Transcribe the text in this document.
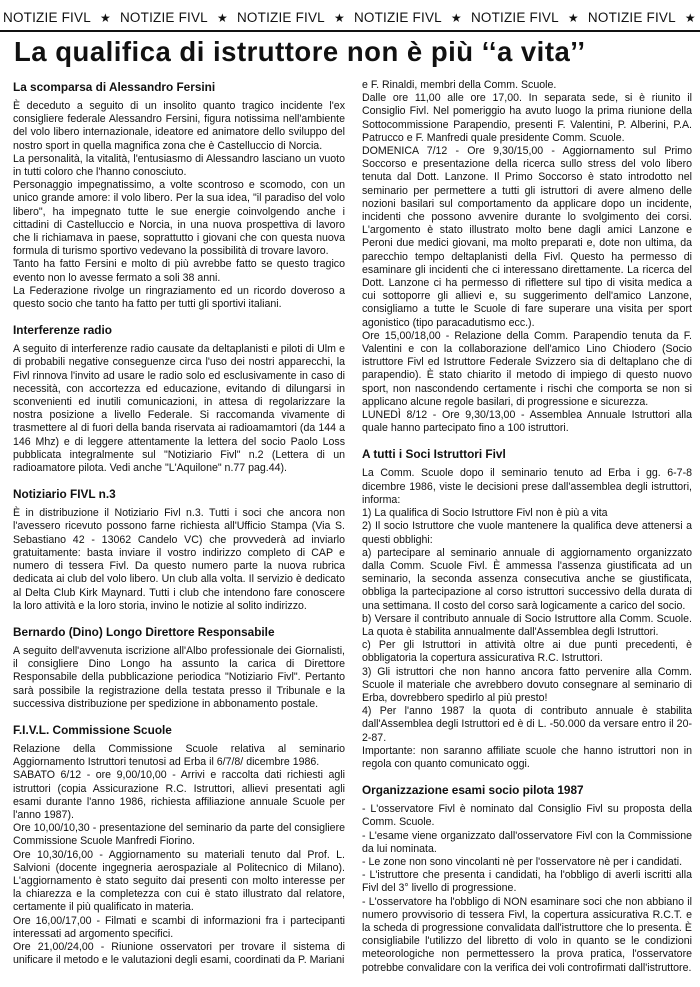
NOTIZIE FIVL ★ NOTIZIE FIVL ★ NOTIZIE FIVL ★ NOTIZIE FIVL ★ NOTIZIE FIVL ★ NOTIZIE FIVL ★
La qualifica di istruttore non è più ‘‘a vita’’
La scomparsa di Alessandro Fersini

È deceduto a seguito di un insolito quanto tragico incidente l'ex consigliere federale Alessandro Fersini, figura notissima nell'ambiente del volo libero internazionale, ideatore ed animatore dello sviluppo del nostro sport in quella magnifica zona che è Castelluccio di Norcia.

La personalità, la vitalità, l'entusiasmo di Alessandro lasciano un vuoto in tutti coloro che l'hanno conosciuto.

Personaggio impegnatissimo, a volte scontroso e scomodo, con un unico grande amore: il volo libero. Per la sua idea, "il paradiso del volo libero", ha impegnato tutte le sue energie coinvolgendo anche i cittadini di Castelluccio e Norcia, in una nuova prospettiva di lavoro che li richiamava in paese, soprattutto i giovani che con questa nuova formula di turismo sportivo vedevano la possibilità di trovare lavoro.

Tanto ha fatto Fersini e molto di più avrebbe fatto se questo tragico evento non lo avesse fermato a soli 38 anni.

La Federazione rivolge un ringraziamento ed un ricordo doveroso a questo socio che tanto ha fatto per tutti gli sportivi italiani.

Interferenze radio

A seguito di interferenze radio causate da deltaplanisti e piloti di Ulm e di probabili negative conseguenze circa l'uso dei nostri apparecchi, la Fivl rinnova l'invito ad usare le radio solo ed esclusivamente in caso di necessità, con accortezza ed educazione, evitando di dilungarsi in sconvenienti ed inutili comunicazioni, in attesa di regolarizzare la nostra posizione a livello Federale. Si raccomanda vivamente di trasmettere al di fuori della banda riservata ai radioamamtori (da 144 a 146 Mhz) e di leggere attentamente la lettera del socio Paolo Loss pubblicata integralmente sul "Notiziario Fivl" n.2 (Lettera di un radioamatore pilota. Vedi anche "L'Aquilone" n.77 pag.44).

Notiziario FIVL n.3

È in distribuzione il Notiziario Fivl n.3. Tutti i soci che ancora non l'avessero ricevuto possono farne richiesta all'Ufficio Stampa (Via S. Sebastiano 42 - 13062 Candelo VC) che provvederà ad inviarlo gratuitamente: basta inviare il vostro indirizzo completo di CAP e numero di tessera Fivl. Da questo numero parte la nuova rubrica dedicata ai club del volo libero. Un club alla volta. Il servizio è dedicato al Delta Club Kirk Maynard. Tutti i club che intendono fare conoscere la loro attività e la loro storia, invino le notizie al solito indirizzo.

Bernardo (Dino) Longo Direttore Responsabile

A seguito dell'avvenuta iscrizione all'Albo professionale dei Giornalisti, il consigliere Dino Longo ha assunto la carica di Direttore Responsabile della pubblicazione periodica "Notiziario Fivl". Pertanto sarà possibile la registrazione della testata presso il Tribunale e la successiva distribuzione per spedizione in abbonamento postale.

F.I.V.L. Commissione Scuole

Relazione della Commissione Scuole relativa al seminario Aggiornamento Istruttori tenutosi ad Erba il 6/7/8/ dicembre 1986.

SABATO 6/12 - ore 9,00/10,00 - Arrivi e raccolta dati richiesti agli istruttori (copia Assicurazione R.C. Istruttori, allievi presentati agli esami durante l'anno 1986, richiesta affiliazione annuale Scuole per l'anno 1987).

Ore 10,00/10,30 - presentazione del seminario da parte del consigliere Commissione Scuole Manfredi Fiorino.

Ore 10,30/16,00 - Aggiornamento su materiali tenuto dal Prof. L. Salvioni (docente ingegneria aerospaziale al Politecnico di Milano). L'aggiornamento è stato seguito dai presenti con molto interesse per la chiarezza e la completezza con cui è stato illustrato dal relatore, certamente il più qualificato in materia.

Ore 16,00/17,00 - Filmati e scambi di informazioni fra i partecipanti interessati ad argomento specifici.

Ore 21,00/24,00 - Riunione osservatori per trovare il sistema di unificare il metodo e le valutazioni degli esami, coordinati da P. Mariani

e F. Rinaldi, membri della Comm. Scuole.

Dalle ore 11,00 alle ore 17,00. In separata sede, si è riunito il Consiglio Fivl. Nel pomeriggio ha avuto luogo la prima riunione della Sottocommissione Parapendio, presenti F. Valentini, P. Alberini, P.A. Patrucco e F. Manfredi quale presidente Comm. Scuole.

DOMENICA 7/12 - Ore 9,30/15,00 - Aggiornamento sul Primo Soccorso e presentazione della ricerca sullo stress del volo libero tenuta dal Dott. Lanzone. Il Primo Soccorso è stato introdotto nel seminario per permettere a tutti gli istruttori di avere almeno delle nozioni basilari sul comportamento da applicare dopo un incidente, incidenti che possono avvenire durante lo svolgimento dei corsi. L'argomento è stato illustrato molto bene dagli amici Lanzone e Peroni due medici giovani, ma molto preparati e, dote non ultima, da parecchio tempo deltaplanisti della Fivl. Questo ha permesso di esaminare gli incidenti che ci interessano direttamente. La ricerca del Dott. Lanzone ci ha permesso di riflettere sul tipo di visita medica a cui sottoporre gli allievi e, su suggerimento dell'amico Lanzone, consigliamo a tutte le Scuole di fare superare una visita per sport agonistico (tipo paracadutismo ecc.).

Ore 15,00/18,00 - Relazione della Comm. Parapendio tenuta da F. Valentini e con la collaborazione dell'amico Lino Chiodero (Socio istruttore Fivl ed Istruttore Federale Svizzero sia di deltaplano che di parapendio). È stato chiarito il metodo di impiego di questo nuovo sport, non nascondendo certamente i rischi che comporta se non si applicano alcune regole basilari, di progressione e sicurezza.

LUNEDÌ 8/12 - Ore 9,30/13,00 - Assemblea Annuale Istruttori alla quale hanno partecipato fino a 100 istruttori.

A tutti i Soci Istruttori Fivl

La Comm. Scuole dopo il seminario tenuto ad Erba i gg. 6-7-8 dicembre 1986, viste le decisioni prese dall'assemblea degli istruttori, informa:

1) La qualifica di Socio Istruttore Fivl non è più a vita

2) Il socio Istruttore che vuole mantenere la qualifica deve attenersi a questi obblighi:

a) partecipare al seminario annuale di aggiornamento organizzato dalla Comm. Scuole Fivl. È ammessa l'assenza giustificata ad un seminario, la seconda assenza consecutiva anche se giustificata, obbliga la partecipazione al corso istruttori successivo della durata di una settimana. Il costo del corso sarà logicamente a carico del socio.

b) Versare il contributo annuale di Socio Istruttore alla Comm. Scuole. La quota è stabilita annualmente dall'Assemblea degli Istruttori.

c) Per gli Istruttori in attività oltre ai due punti precedenti, è obbligatoria la copertura assicurativa R.C. Istruttori.

3) Gli istruttori che non hanno ancora fatto pervenire alla Comm. Scuole il materiale che avrebbero dovuto consegnare al seminario di Erba, dovrebbero spedirlo al più presto!

4) Per l'anno 1987 la quota di contributo annuale è stabilita dall'Assemblea degli Istruttori ed è di L. -50.000 da versare entro il 20-2-87.

Importante: non saranno affiliate scuole che hanno istruttori non in regola con quanto comunicato oggi.

Organizzazione esami socio pilota 1987

- L'osservatore Fivl è nominato dal Consiglio Fivl su proposta della Comm. Scuole.

- L'esame viene organizzato dall'osservatore Fivl con la Commissione da lui nominata.

- Le zone non sono vincolanti nè per l'osservatore nè per i candidati.

- L'istruttore che presenta i candidati, ha l'obbligo di averli iscritti alla Fivl del 3° livello di progressione.

- L'osservatore ha l'obbligo di NON esaminare soci che non abbiano il numero provvisorio di tessera Fivl, la copertura assicurativa R.C.T. e la scheda di progressione convalidata dall'istruttore che lo presenta. È consigliabile l'utilizzo del libretto di volo in quanto se le condizioni meteorologiche non permettessero la prova pratica, l'osservatore potrebbe convalidare con la verifica dei voli controfirmati dall'istruttore.
